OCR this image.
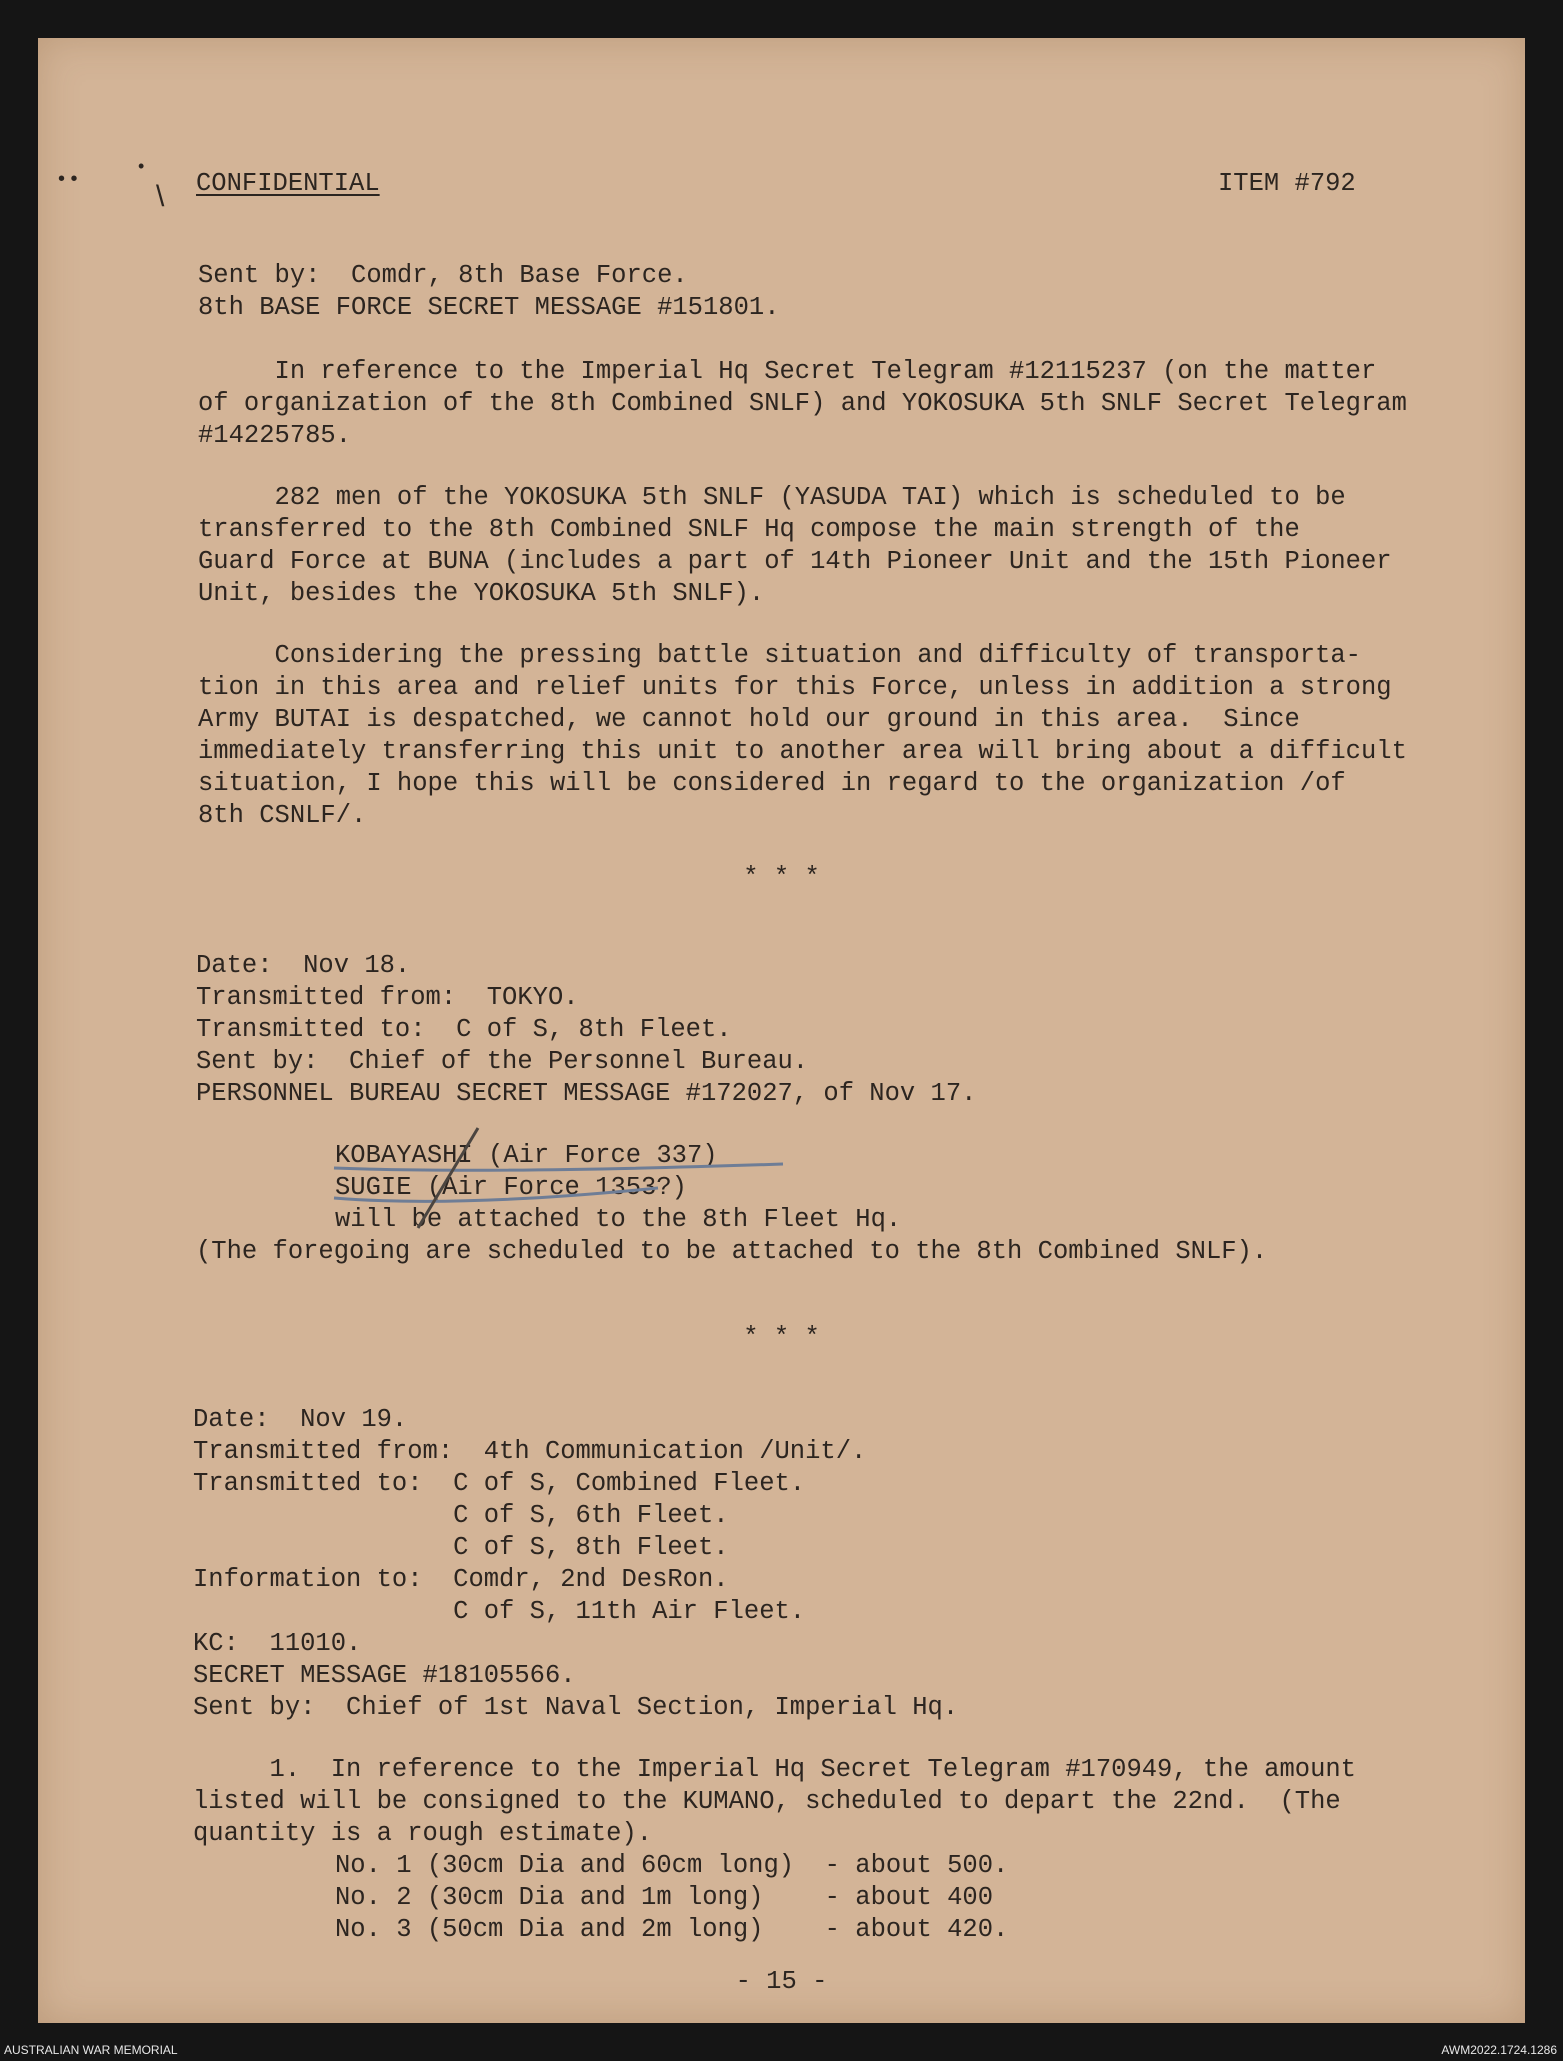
• •
•
\ CONFIDENTIAL	ITEM #792
Sent by:  Comdr, 8th Base Force.
8th BASE FORCE SECRET MESSAGE #151801.
In reference to the Imperial Hq Secret Telegram #12115237 (on the matter
of organization of the 8th Combined SNLF) and YOKOSUKA 5th SNLF Secret Telegram
#14225785.
282 men of the YOKOSUKA 5th SNLF (YASUDA TAI) which is scheduled to be
transferred to the 8th Combined SNLF Hq compose the main strength of the
Guard Force at BUNA (includes a part of 14th Pioneer Unit and the 15th Pioneer
Unit, besides the YOKOSUKA 5th SNLF).
Considering the pressing battle situation and difficulty of transporta-
tion in this area and relief units for this Force, unless in addition a strong
Army BUTAI is despatched, we cannot hold our ground in this area.  Since
immediately transferring this unit to another area will bring about a difficult
situation, I hope this will be considered in regard to the organization /of
8th CSNLF/.
* * *
Date:  Nov 18.
Transmitted from:  TOKYO.
Transmitted to:  C of S, 8th Fleet.
Sent by:  Chief of the Personnel Bureau.
PERSONNEL BUREAU SECRET MESSAGE #172027, of Nov 17.
KOBAYASHI (Air Force 337)
SUGIE (Air Force 1353?)
will be attached to the 8th Fleet Hq.
(The foregoing are scheduled to be attached to the 8th Combined SNLF).
* * *
Date:  Nov 19.
Transmitted from:  4th Communication /Unit/.
Transmitted to:  C of S, Combined Fleet.
C of S, 6th Fleet.
C of S, 8th Fleet.
Information to:  Comdr, 2nd DesRon.
C of S, 11th Air Fleet.
KC:  11010.
SECRET MESSAGE #18105566.
Sent by:  Chief of 1st Naval Section, Imperial Hq.
1.  In reference to the Imperial Hq Secret Telegram #170949, the amount
listed will be consigned to the KUMANO, scheduled to depart the 22nd.  (The
quantity is a rough estimate).
No. 1 (30cm Dia and 60cm long)  - about 500.
No. 2 (30cm Dia and 1m long)    - about 400
No. 3 (50cm Dia and 2m long)    - about 420.
- 15 -
AUSTRALIAN WAR MEMORIAL	AWM2022.1724.1286
